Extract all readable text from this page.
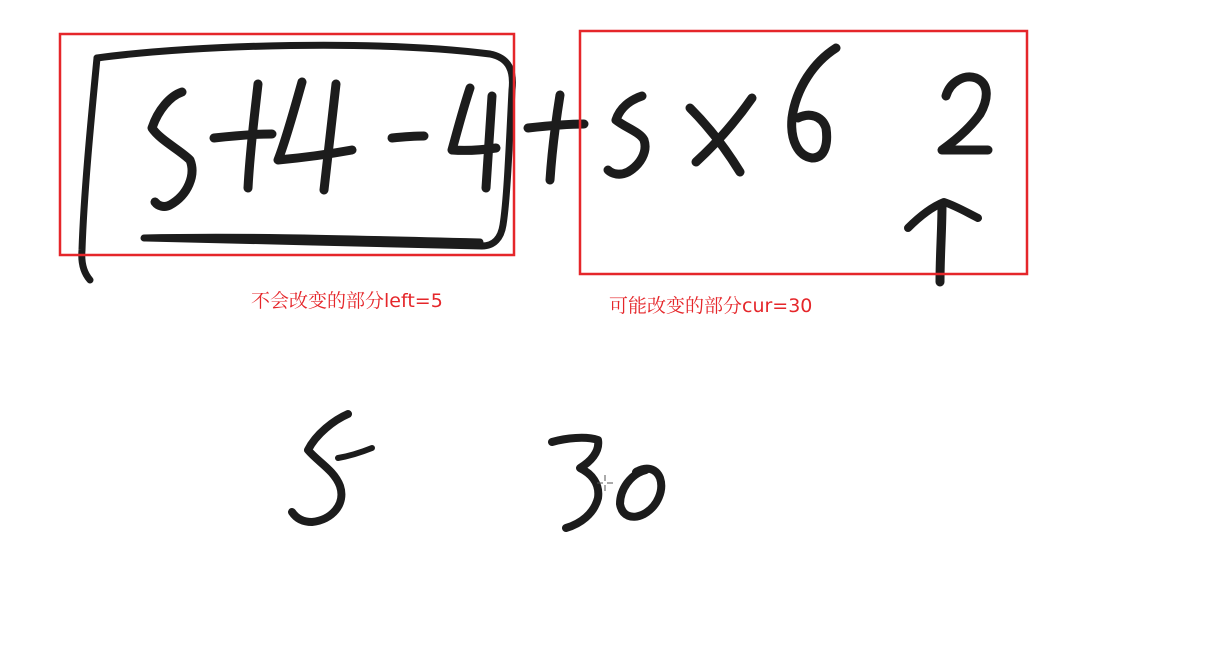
不会改变的部分left=5	可能改变的部分cur=30
